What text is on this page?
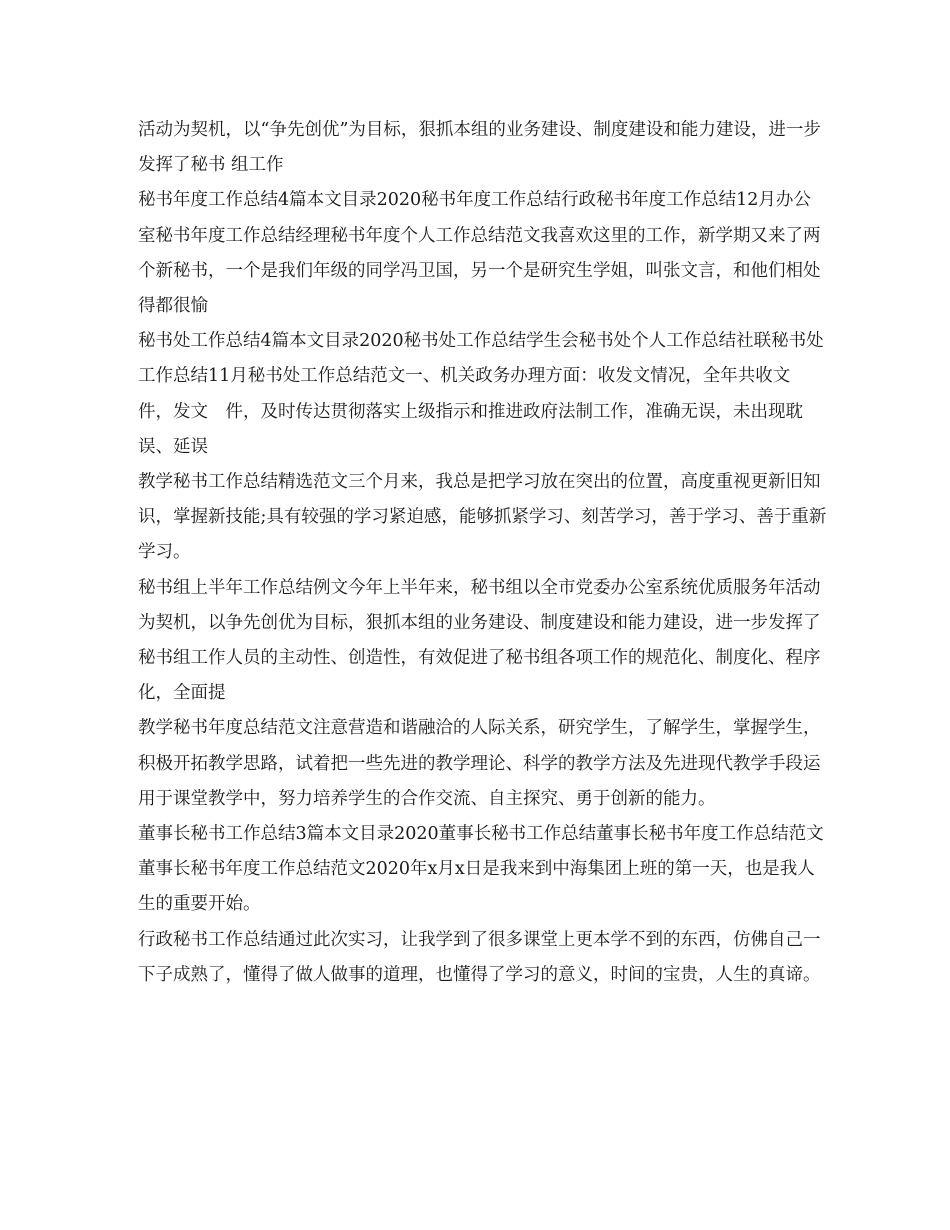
活动为契机，以“争先创优”为目标，狠抓本组的业务建设、制度建设和能力建设，进一步发挥了秘书 组工作

秘书年度工作总结4篇本文目录2020秘书年度工作总结行政秘书年度工作总结12月办公室秘书年度工作总结经理秘书年度个人工作总结范文我喜欢这里的工作，新学期又来了两个新秘书，一个是我们年级的同学冯卫国，另一个是研究生学姐，叫张文言，和他们相处得都很愉

秘书处工作总结4篇本文目录2020秘书处工作总结学生会秘书处个人工作总结社联秘书处工作总结11月秘书处工作总结范文一、机关政务办理方面：收发文情况，全年共收文　件，发文　件，及时传达贯彻落实上级指示和推进政府法制工作，准确无误，未出现耽误、延误

教学秘书工作总结精选范文三个月来，我总是把学习放在突出的位置，高度重视更新旧知识，掌握新技能;具有较强的学习紧迫感，能够抓紧学习、刻苦学习，善于学习、善于重新学习。

秘书组上半年工作总结例文今年上半年来，秘书组以全市党委办公室系统优质服务年活动为契机，以争先创优为目标，狠抓本组的业务建设、制度建设和能力建设，进一步发挥了秘书组工作人员的主动性、创造性，有效促进了秘书组各项工作的规范化、制度化、程序化，全面提

教学秘书年度总结范文注意营造和谐融洽的人际关系，研究学生，了解学生，掌握学生，积极开拓教学思路，试着把一些先进的教学理论、科学的教学方法及先进现代教学手段运用于课堂教学中，努力培养学生的合作交流、自主探究、勇于创新的能力。

董事长秘书工作总结3篇本文目录2020董事长秘书工作总结董事长秘书年度工作总结范文董事长秘书年度工作总结范文2020年x月x日是我来到中海集团上班的第一天，也是我人生的重要开始。

行政秘书工作总结通过此次实习，让我学到了很多课堂上更本学不到的东西，仿佛自己一下子成熟了，懂得了做人做事的道理，也懂得了学习的意义，时间的宝贵，人生的真谛。
